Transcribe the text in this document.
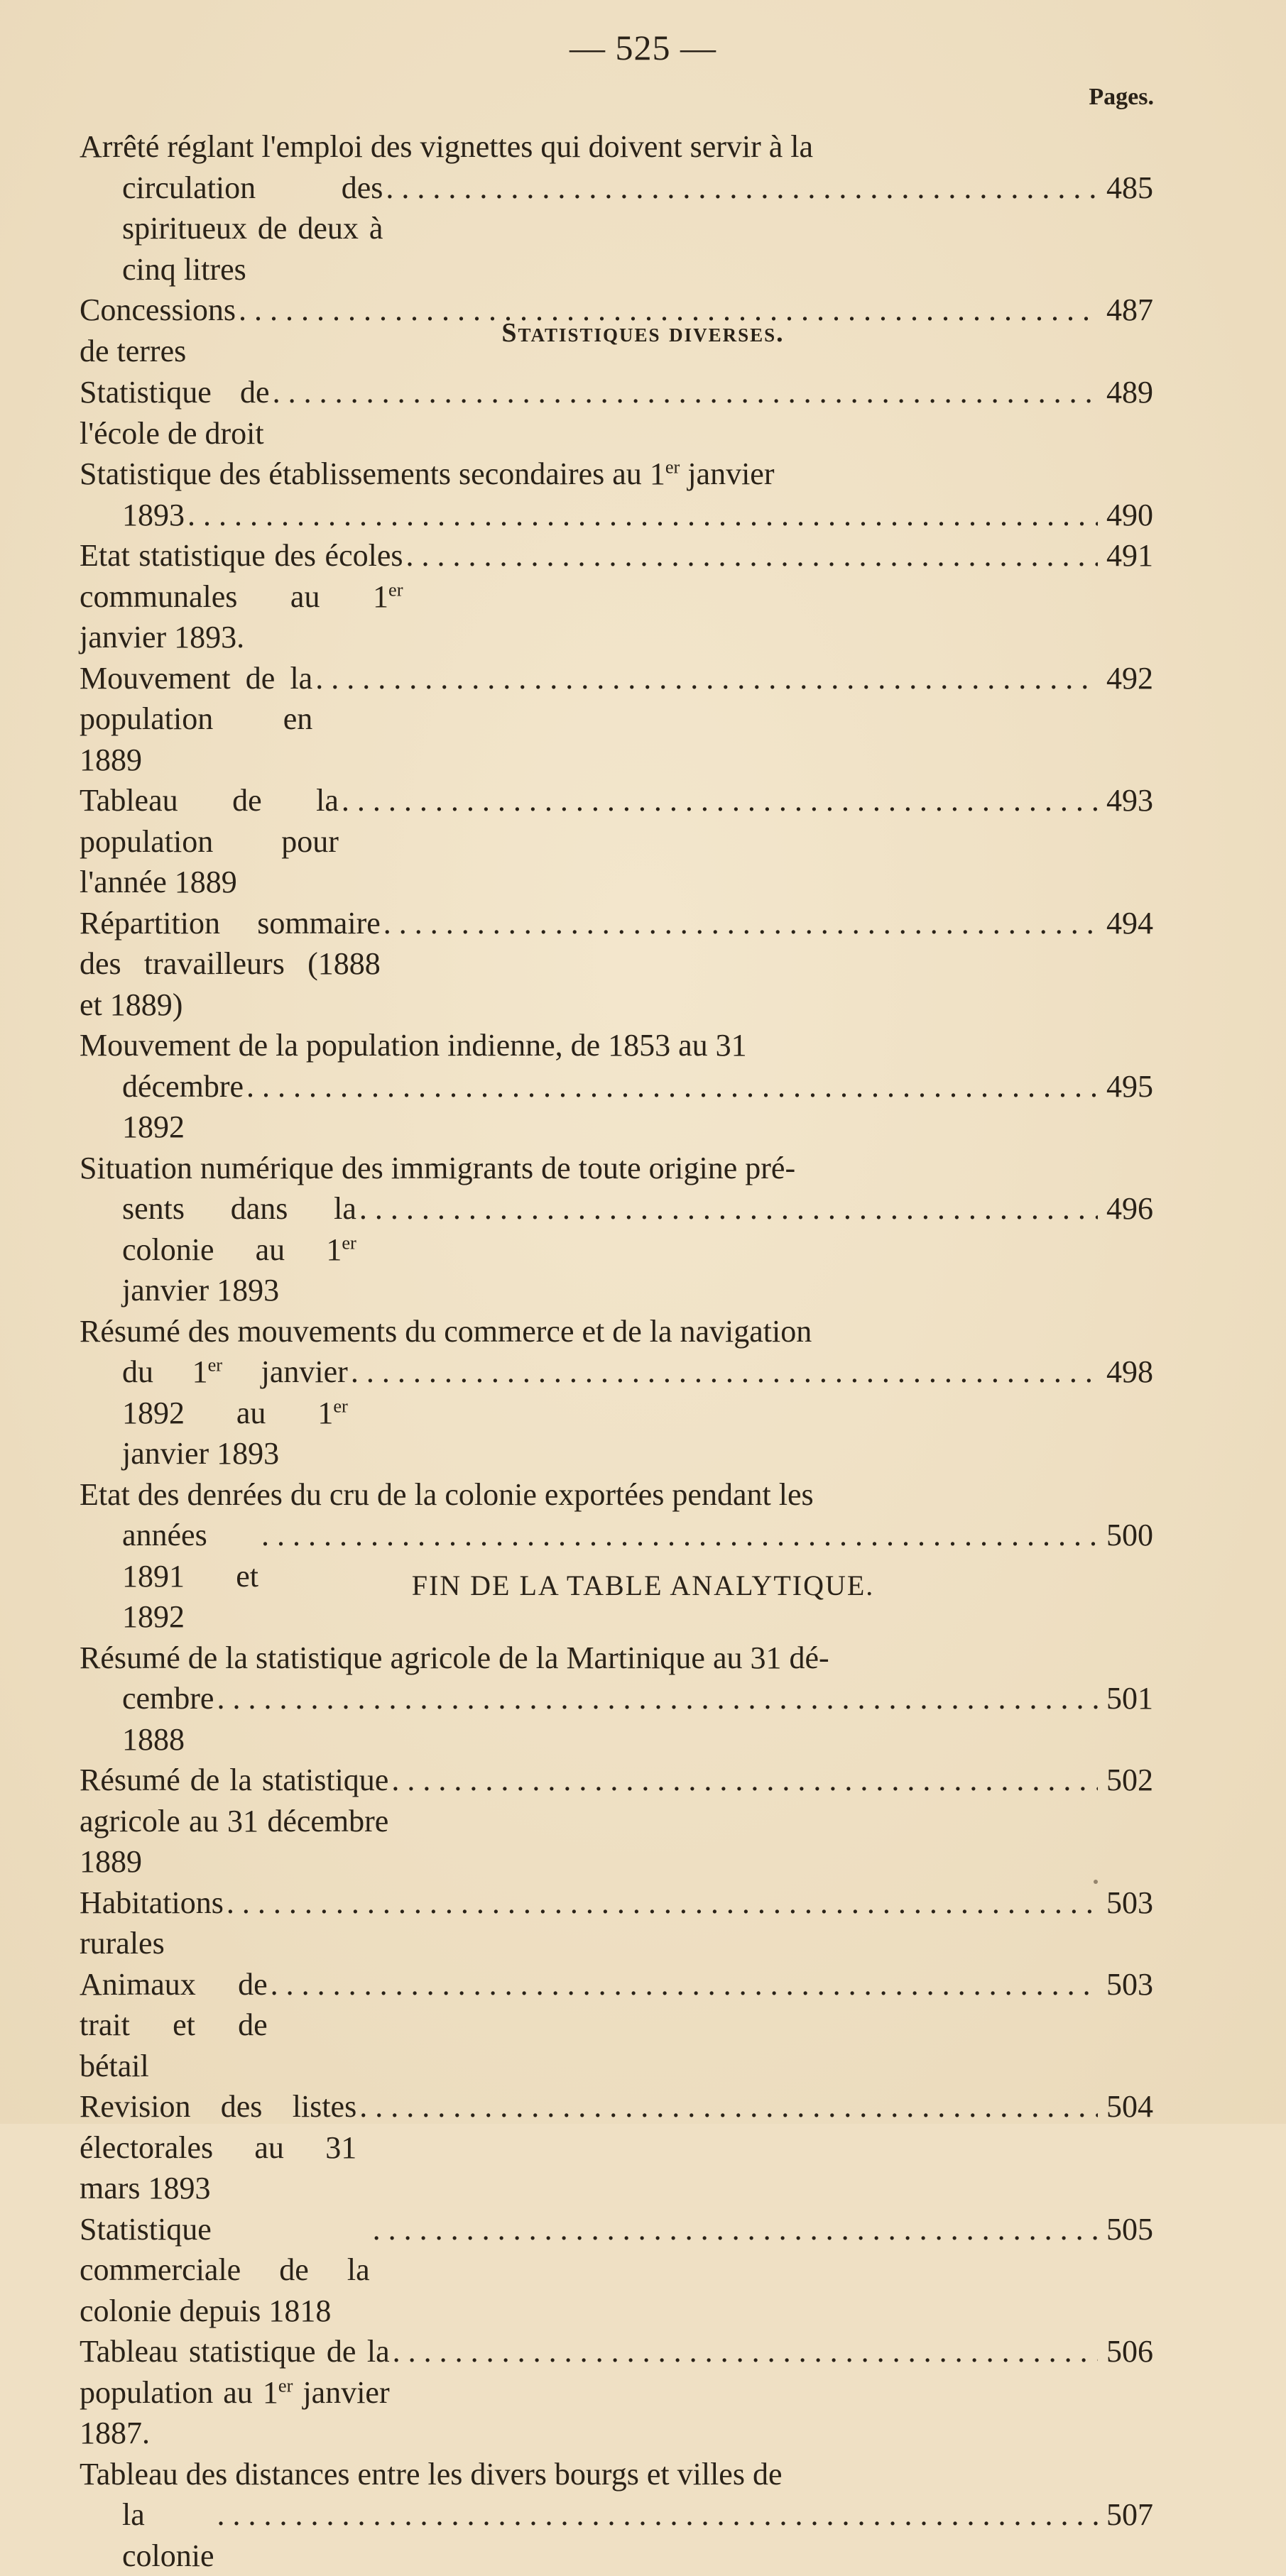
— 525 —
Pages.
Arrêté réglant l'emploi des vignettes qui doivent servir à la
circulation des spiritueux de deux à cinq litres
. . .
485
Concessions de terres
. . .
487
Statistiques diverses.
Statistique de l'école de droit
. . .
489
Statistique des établissements secondaires au 1er janvier
1893
. . .	490
Etat statistique des écoles communales au 1er janvier 1893.
. . .
491
Mouvement de la population en 1889
. . .
492
Tableau de la population pour l'année 1889
. . .
493
Répartition sommaire des travailleurs (1888 et 1889)
. . .
494
Mouvement de la population indienne, de 1853 au 31
décembre 1892
. . .
495
Situation numérique des immigrants de toute origine pré-
sents dans la colonie au 1er janvier 1893
. . .
496
Résumé des mouvements du commerce et de la navigation
du 1er janvier 1892 au 1er janvier 1893
. . .
498
Etat des denrées du cru de la colonie exportées pendant les
années 1891 et 1892
. . .
500
Résumé de la statistique agricole de la Martinique au 31 dé-
cembre 1888
. . .
501
Résumé de la statistique agricole au 31 décembre 1889
. . .
502
Habitations rurales
. . .
503
Animaux de trait et de bétail
. . .
503
Revision des listes électorales au 31 mars 1893
. . .
504
Statistique commerciale de la colonie depuis 1818
. . .
505
Tableau statistique de la population au 1er janvier 1887.
. . .
506
Tableau des distances entre les divers bourgs et villes de
la colonie
. . .
507
FIN DE LA TABLE ANALYTIQUE.
